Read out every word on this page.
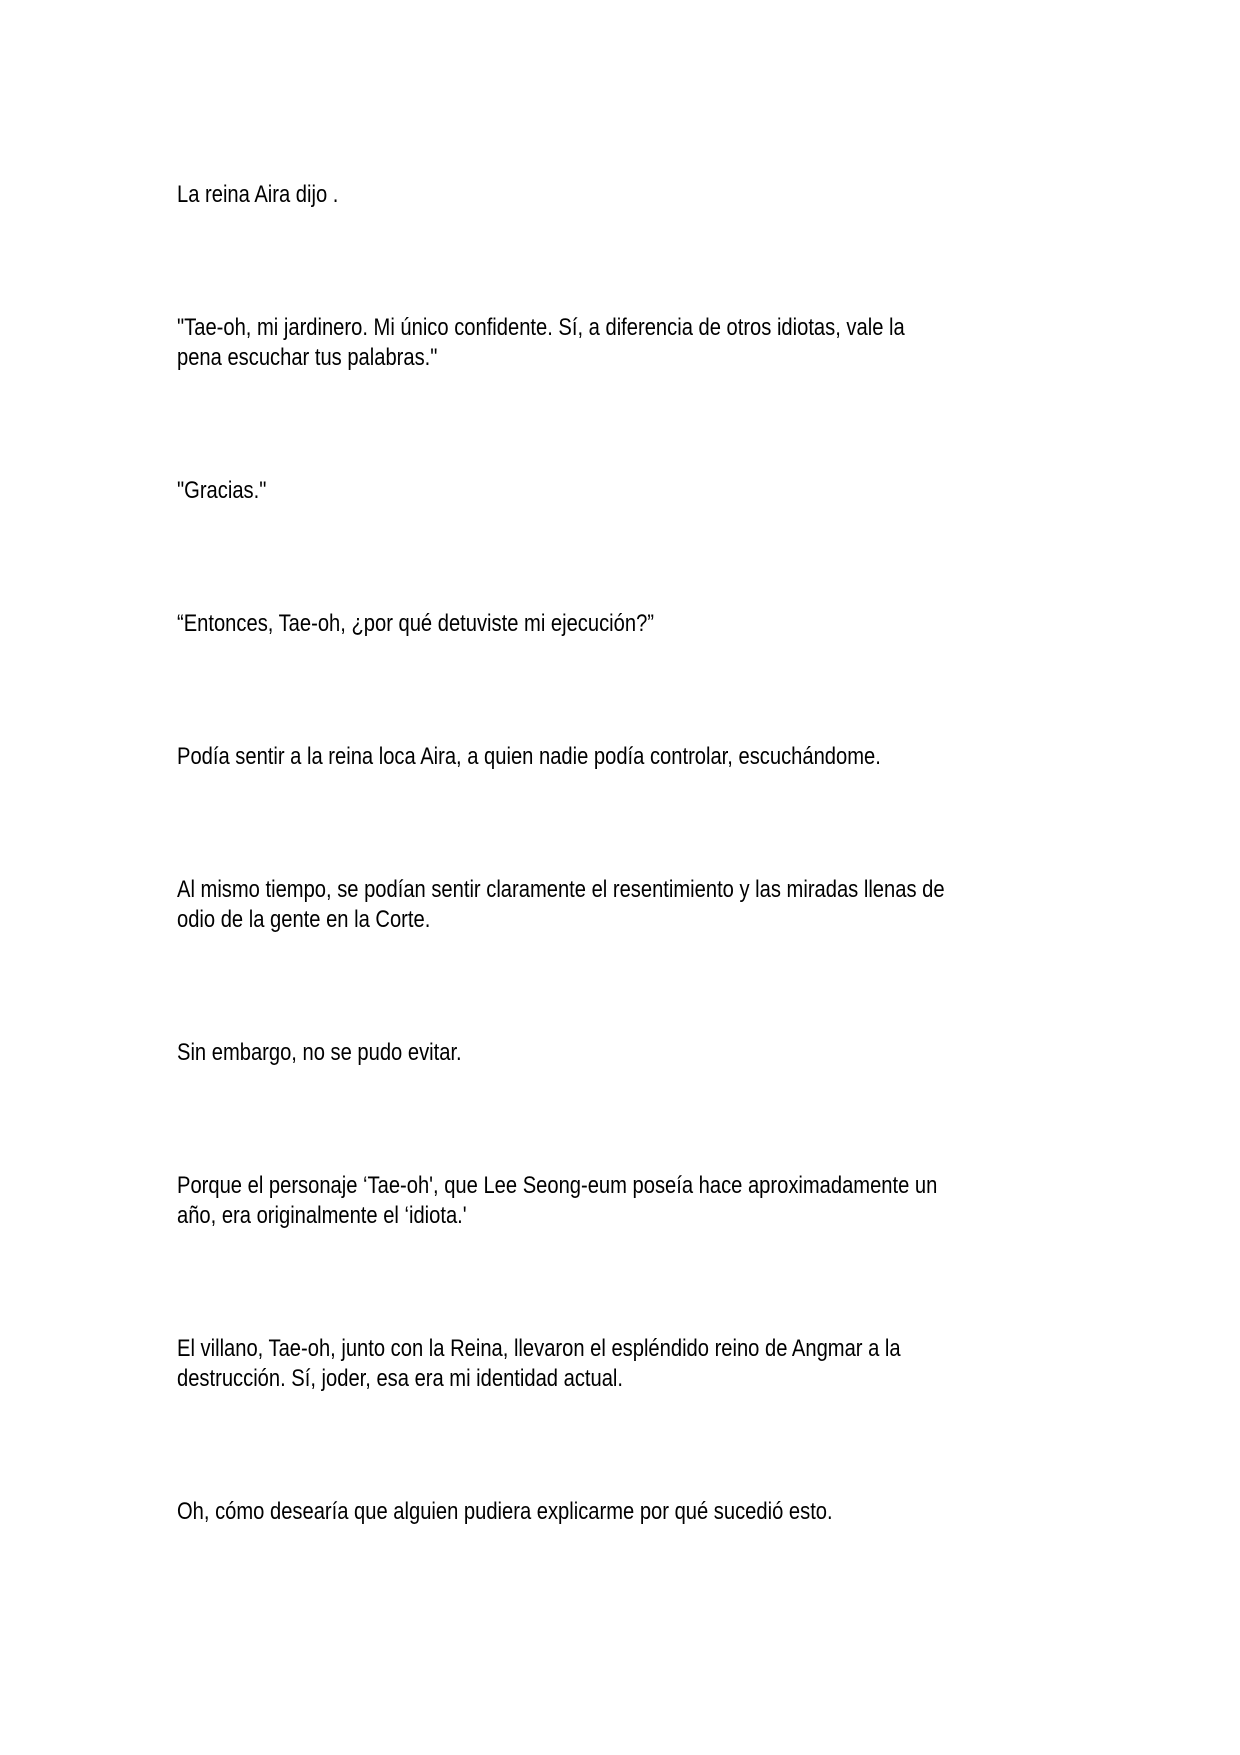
La reina Aira dijo .

"Tae-oh, mi jardinero. Mi único confidente. Sí, a diferencia de otros idiotas, vale la
pena escuchar tus palabras."

"Gracias."

“Entonces, Tae-oh, ¿por qué detuviste mi ejecución?”

Podía sentir a la reina loca Aira, a quien nadie podía controlar, escuchándome.

Al mismo tiempo, se podían sentir claramente el resentimiento y las miradas llenas de
odio de la gente en la Corte.

Sin embargo, no se pudo evitar.

Porque el personaje ‘Tae-oh', que Lee Seong-eum poseía hace aproximadamente un
año, era originalmente el ‘idiota.'

El villano, Tae-oh, junto con la Reina, llevaron el espléndido reino de Angmar a la
destrucción. Sí, joder, esa era mi identidad actual.

Oh, cómo desearía que alguien pudiera explicarme por qué sucedió esto.
